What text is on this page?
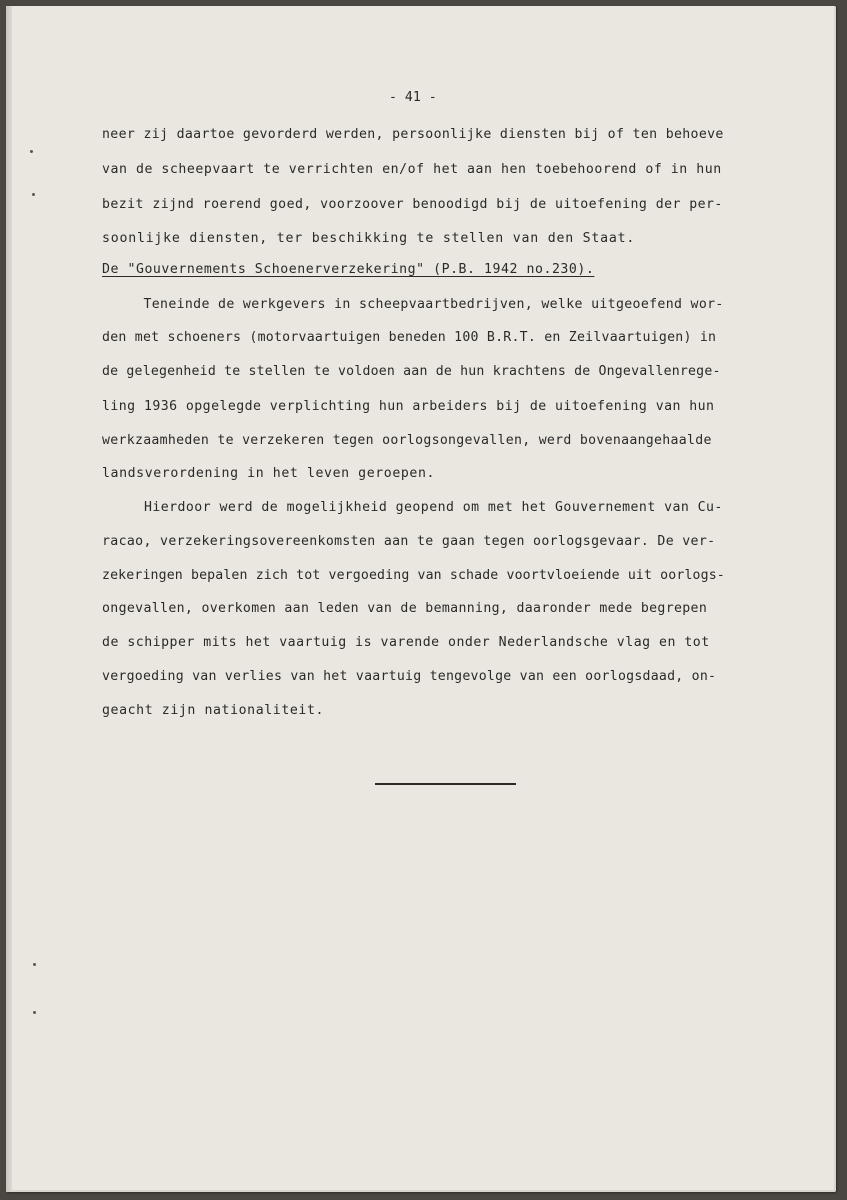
- 41 -
neer zij daartoe gevorderd werden, persoonlijke diensten bij of ten behoeve
van de scheepvaart te verrichten en/of het aan hen toebehoorend of in hun
bezit zijnd roerend goed, voorzoover benoodigd bij de uitoefening der per-
soonlijke diensten, ter beschikking te stellen van den Staat.
De "Gouvernements Schoenerverzekering" (P.B. 1942 no.230).
Teneinde de werkgevers in scheepvaartbedrijven, welke uitgeoefend wor-
den met schoeners (motorvaartuigen beneden 100 B.R.T. en Zeilvaartuigen) in
de gelegenheid te stellen te voldoen aan de hun krachtens de Ongevallenrege-
ling 1936 opgelegde verplichting hun arbeiders bij de uitoefening van hun
werkzaamheden te verzekeren tegen oorlogsongevallen, werd bovenaangehaalde
landsverordening in het leven geroepen.
Hierdoor werd de mogelijkheid geopend om met het Gouvernement van Cu-
racao, verzekeringsovereenkomsten aan te gaan tegen oorlogsgevaar. De ver-
zekeringen bepalen zich tot vergoeding van schade voortvloeiende uit oorlogs-
ongevallen, overkomen aan leden van de bemanning, daaronder mede begrepen
de schipper mits het vaartuig is varende onder Nederlandsche vlag en tot
vergoeding van verlies van het vaartuig tengevolge van een oorlogsdaad, on-
geacht zijn nationaliteit.
